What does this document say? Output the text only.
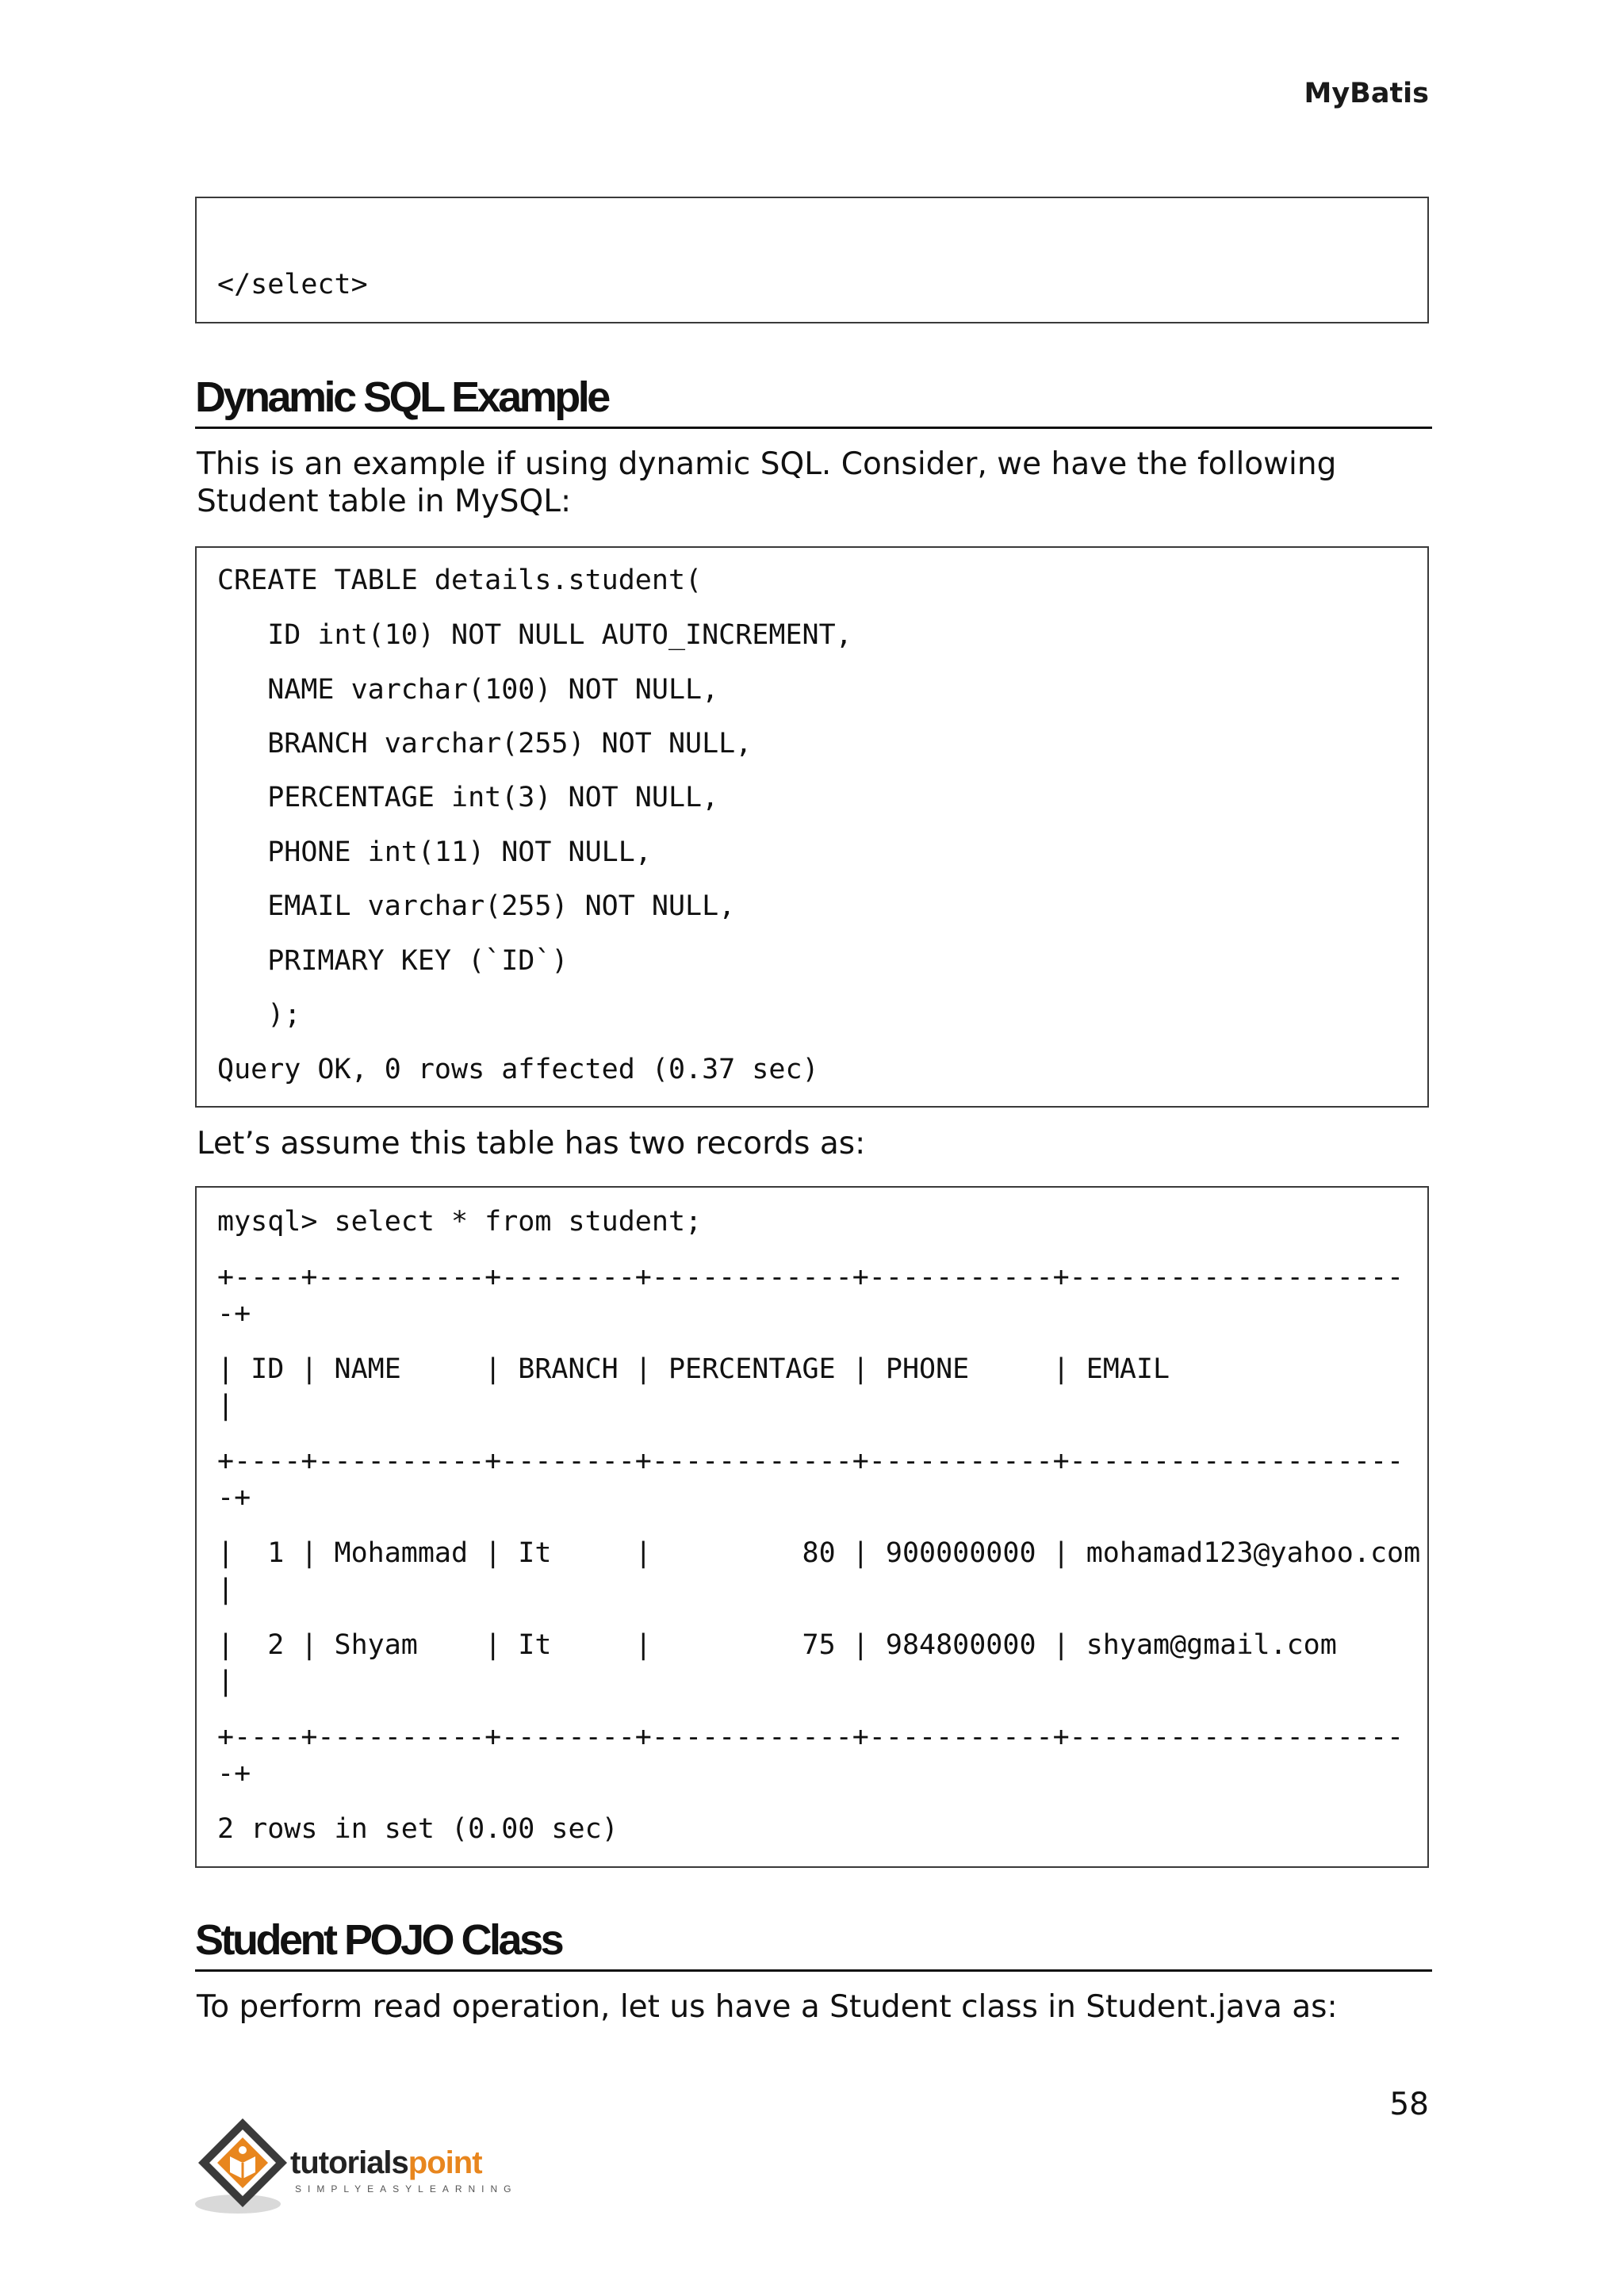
MyBatis
</select>
Dynamic SQL Example
This is an example if using dynamic SQL. Consider, we have the following Student table in MySQL:
CREATE TABLE details.student(
ID int(10) NOT NULL AUTO_INCREMENT,
NAME varchar(100) NOT NULL,
BRANCH varchar(255) NOT NULL,
PERCENTAGE int(3) NOT NULL,
PHONE int(11) NOT NULL,
EMAIL varchar(255) NOT NULL,
PRIMARY KEY (`ID`)
);
Query OK, 0 rows affected (0.37 sec)
Let’s assume this table has two records as:
mysql> select * from student;
+----+----------+--------+------------+-----------+--------------------
-+
| ID | NAME     | BRANCH | PERCENTAGE | PHONE     | EMAIL
|
+----+----------+--------+------------+-----------+--------------------
-+
|  1 | Mohammad | It     |         80 | 900000000 | mohamad123@yahoo.com
|
|  2 | Shyam    | It     |         75 | 984800000 | shyam@gmail.com
|
+----+----------+--------+------------+-----------+--------------------
-+
2 rows in set (0.00 sec)
Student POJO Class
To perform read operation, let us have a Student class in Student.java as:
58
tutorialspoint
SIMPLYEASYLEARNING
